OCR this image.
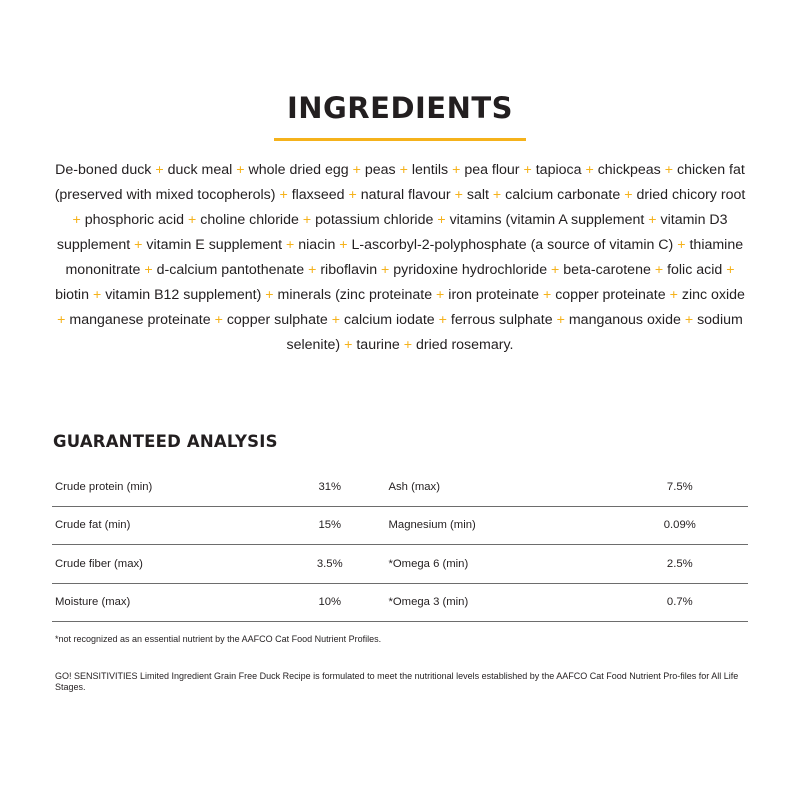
INGREDIENTS

De-boned duck + duck meal + whole dried egg + peas + lentils + pea flour + tapioca + chickpeas + chicken fat (preserved with mixed tocopherols) + flaxseed + natural flavour + salt + calcium carbonate + dried chicory root + phosphoric acid + choline chloride + potassium chloride + vitamins (vitamin A supplement + vitamin D3 supplement + vitamin E supplement + niacin + L-ascorbyl-2-polyphosphate (a source of vitamin C) + thiamine mononitrate + d-calcium pantothenate + riboflavin + pyridoxine hydrochloride + beta-carotene + folic acid + biotin + vitamin B12 supplement) + minerals (zinc proteinate + iron proteinate + copper proteinate + zinc oxide + manganese proteinate + copper sulphate + calcium iodate + ferrous sulphate + manganous oxide + sodium selenite) + taurine + dried rosemary.

GUARANTEED ANALYSIS
Crude protein (min)	31%	Ash (max)	7.5%
Crude fat (min)	15%	Magnesium (min)	0.09%
Crude fiber (max)	3.5%	*Omega 6 (min)	2.5%
Moisture (max)	10%	*Omega 3 (min)	0.7%

*not recognized as an essential nutrient by the AAFCO Cat Food Nutrient Profiles.

GO! SENSITIVITIES Limited Ingredient Grain Free Duck Recipe is formulated to meet the nutritional levels established by the AAFCO Cat Food Nutrient Pro-files for All Life Stages.
